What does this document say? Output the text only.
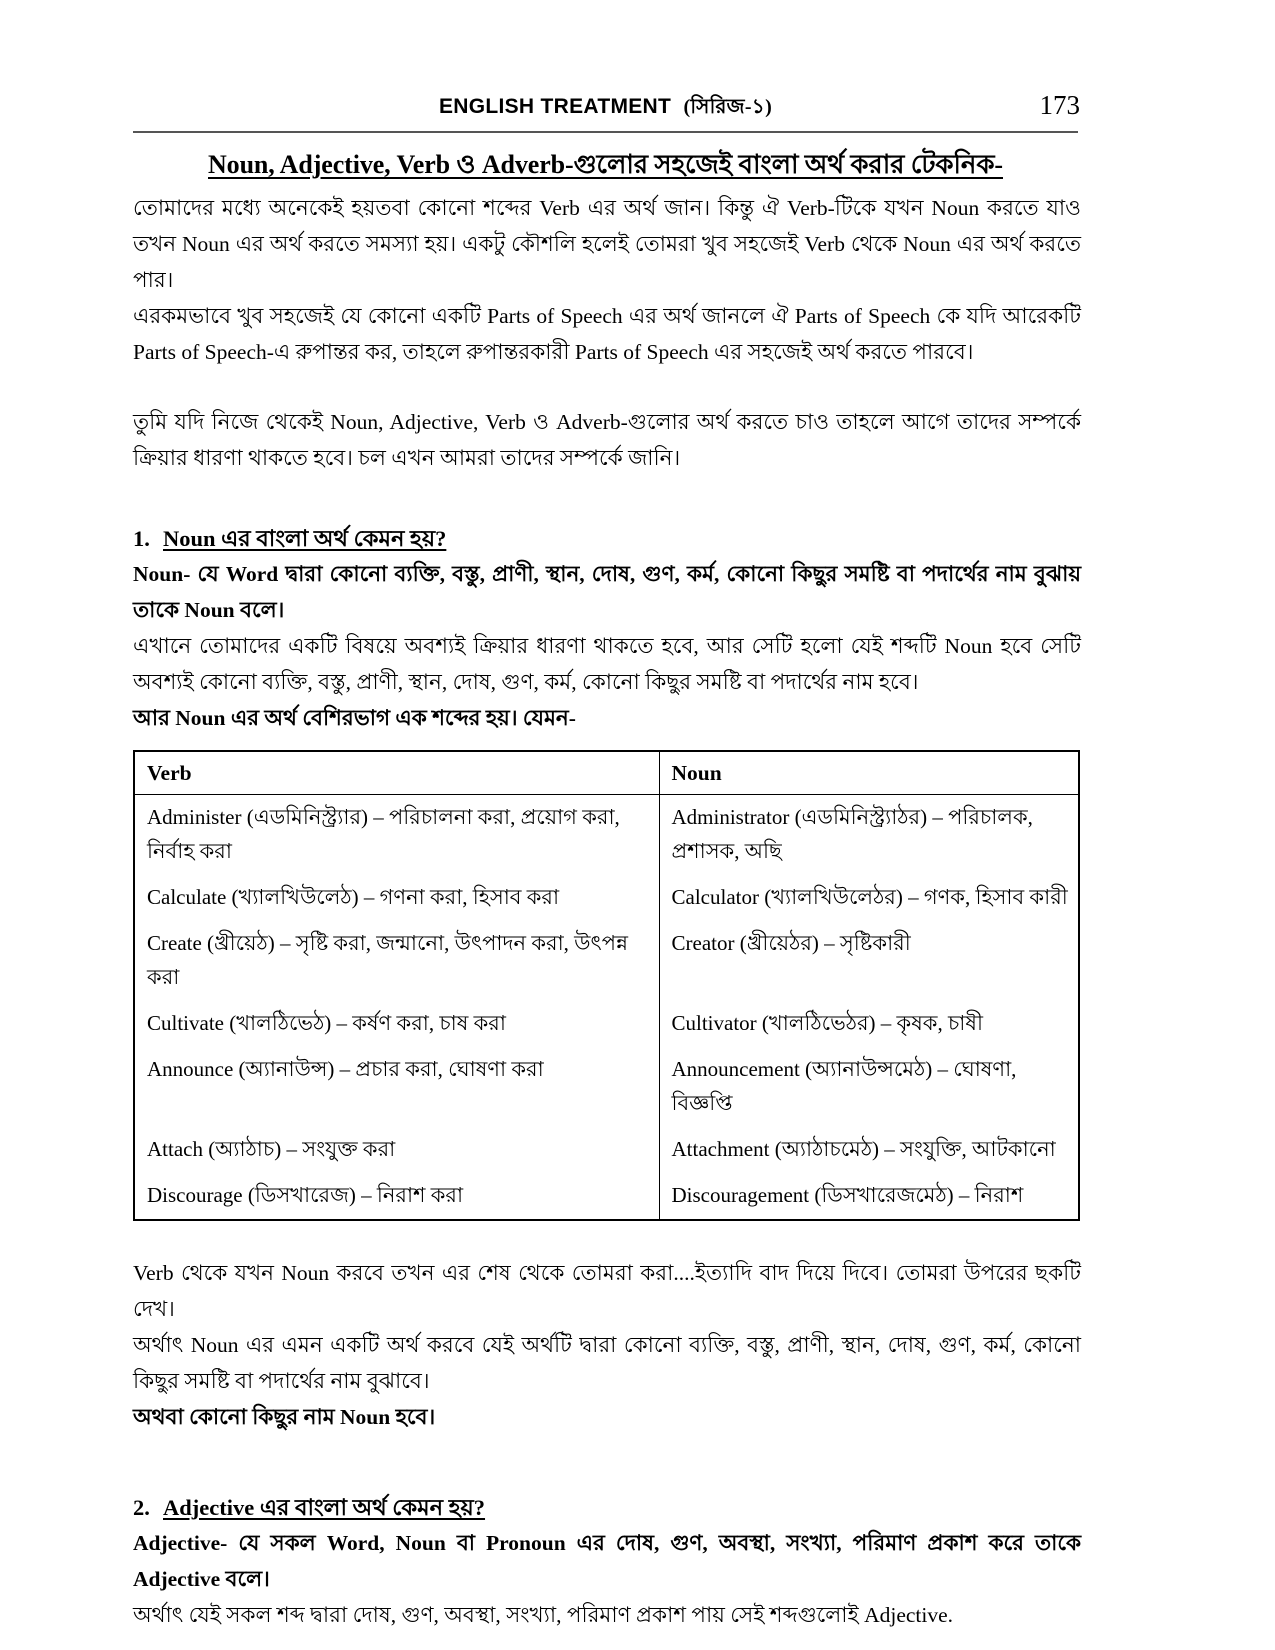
ENGLISH TREATMENT (সিরিজ-১)	173
Noun, Adjective, Verb ও Adverb-গুলোর সহজেই বাংলা অর্থ করার টেকনিক-

তোমাদের মধ্যে অনেকেই হয়তবা কোনো শব্দের Verb এর অর্থ জান। কিন্তু ঐ Verb-টিকে যখন Noun করতে যাও তখন Noun এর অর্থ করতে সমস্যা হয়। একটু কৌশলি হলেই তোমরা খুব সহজেই Verb থেকে Noun এর অর্থ করতে পার।

এরকমভাবে খুব সহজেই যে কোনো একটি Parts of Speech এর অর্থ জানলে ঐ Parts of Speech কে যদি আরেকটি Parts of Speech-এ রুপান্তর কর, তাহলে রুপান্তরকারী Parts of Speech এর সহজেই অর্থ করতে পারবে।

তুমি যদি নিজে থেকেই Noun, Adjective, Verb ও Adverb-গুলোর অর্থ করতে চাও তাহলে আগে তাদের সম্পর্কে ক্রিয়ার ধারণা থাকতে হবে। চল এখন আমরা তাদের সম্পর্কে জানি।

1. Noun এর বাংলা অর্থ কেমন হয়?

Noun- যে Word দ্বারা কোনো ব্যক্তি, বস্তু, প্রাণী, স্থান, দোষ, গুণ, কর্ম, কোনো কিছুর সমষ্টি বা পদার্থের নাম বুঝায় তাকে Noun বলে।

এখানে তোমাদের একটি বিষয়ে অবশ্যই ক্রিয়ার ধারণা থাকতে হবে, আর সেটি হলো যেই শব্দটি Noun হবে সেটি অবশ্যই কোনো ব্যক্তি, বস্তু, প্রাণী, স্থান, দোষ, গুণ, কর্ম, কোনো কিছুর সমষ্টি বা পদার্থের নাম হবে।

আর Noun এর অর্থ বেশিরভাগ এক শব্দের হয়। যেমন-

Verb	Noun
Administer (এডমিনিস্ট্র্যার) – পরিচালনা করা, প্রয়োগ করা, নির্বাহ করা	Administrator (এডমিনিস্ট্র্যাঠর) – পরিচালক, প্রশাসক, অছি
Calculate (খ্যালখিউলেঠ) – গণনা করা, হিসাব করা	Calculator (খ্যালখিউলেঠর) – গণক, হিসাব কারী
Create (খ্রীয়েঠ) – সৃষ্টি করা, জন্মানো, উৎপাদন করা, উৎপন্ন করা	Creator (খ্রীয়েঠর) – সৃষ্টিকারী
Cultivate (খালঠিভেঠ) – কর্ষণ করা, চাষ করা	Cultivator (খালঠিভেঠর) – কৃষক, চাষী
Announce (অ্যানাউন্স) – প্রচার করা, ঘোষণা করা	Announcement (অ্যানাউন্সমেঠ) – ঘোষণা, বিজ্ঞপ্তি
Attach (অ্যাঠাচ) – সংযুক্ত করা	Attachment (অ্যাঠাচমেঠ) – সংযুক্তি, আটকানো
Discourage (ডিসখারেজ) – নিরাশ করা	Discouragement (ডিসখারেজমেঠ) – নিরাশ

Verb থেকে যখন Noun করবে তখন এর শেষ থেকে তোমরা করা....ইত্যাদি বাদ দিয়ে দিবে। তোমরা উপরের ছকটি দেখ।

অর্থাৎ Noun এর এমন একটি অর্থ করবে যেই অর্থটি দ্বারা কোনো ব্যক্তি, বস্তু, প্রাণী, স্থান, দোষ, গুণ, কর্ম, কোনো কিছুর সমষ্টি বা পদার্থের নাম বুঝাবে।

অথবা কোনো কিছুর নাম Noun হবে।

2. Adjective এর বাংলা অর্থ কেমন হয়?

Adjective- যে সকল Word, Noun বা Pronoun এর দোষ, গুণ, অবস্থা, সংখ্যা, পরিমাণ প্রকাশ করে তাকে Adjective বলে।

অর্থাৎ যেই সকল শব্দ দ্বারা দোষ, গুণ, অবস্থা, সংখ্যা, পরিমাণ প্রকাশ পায় সেই শব্দগুলোই Adjective.
